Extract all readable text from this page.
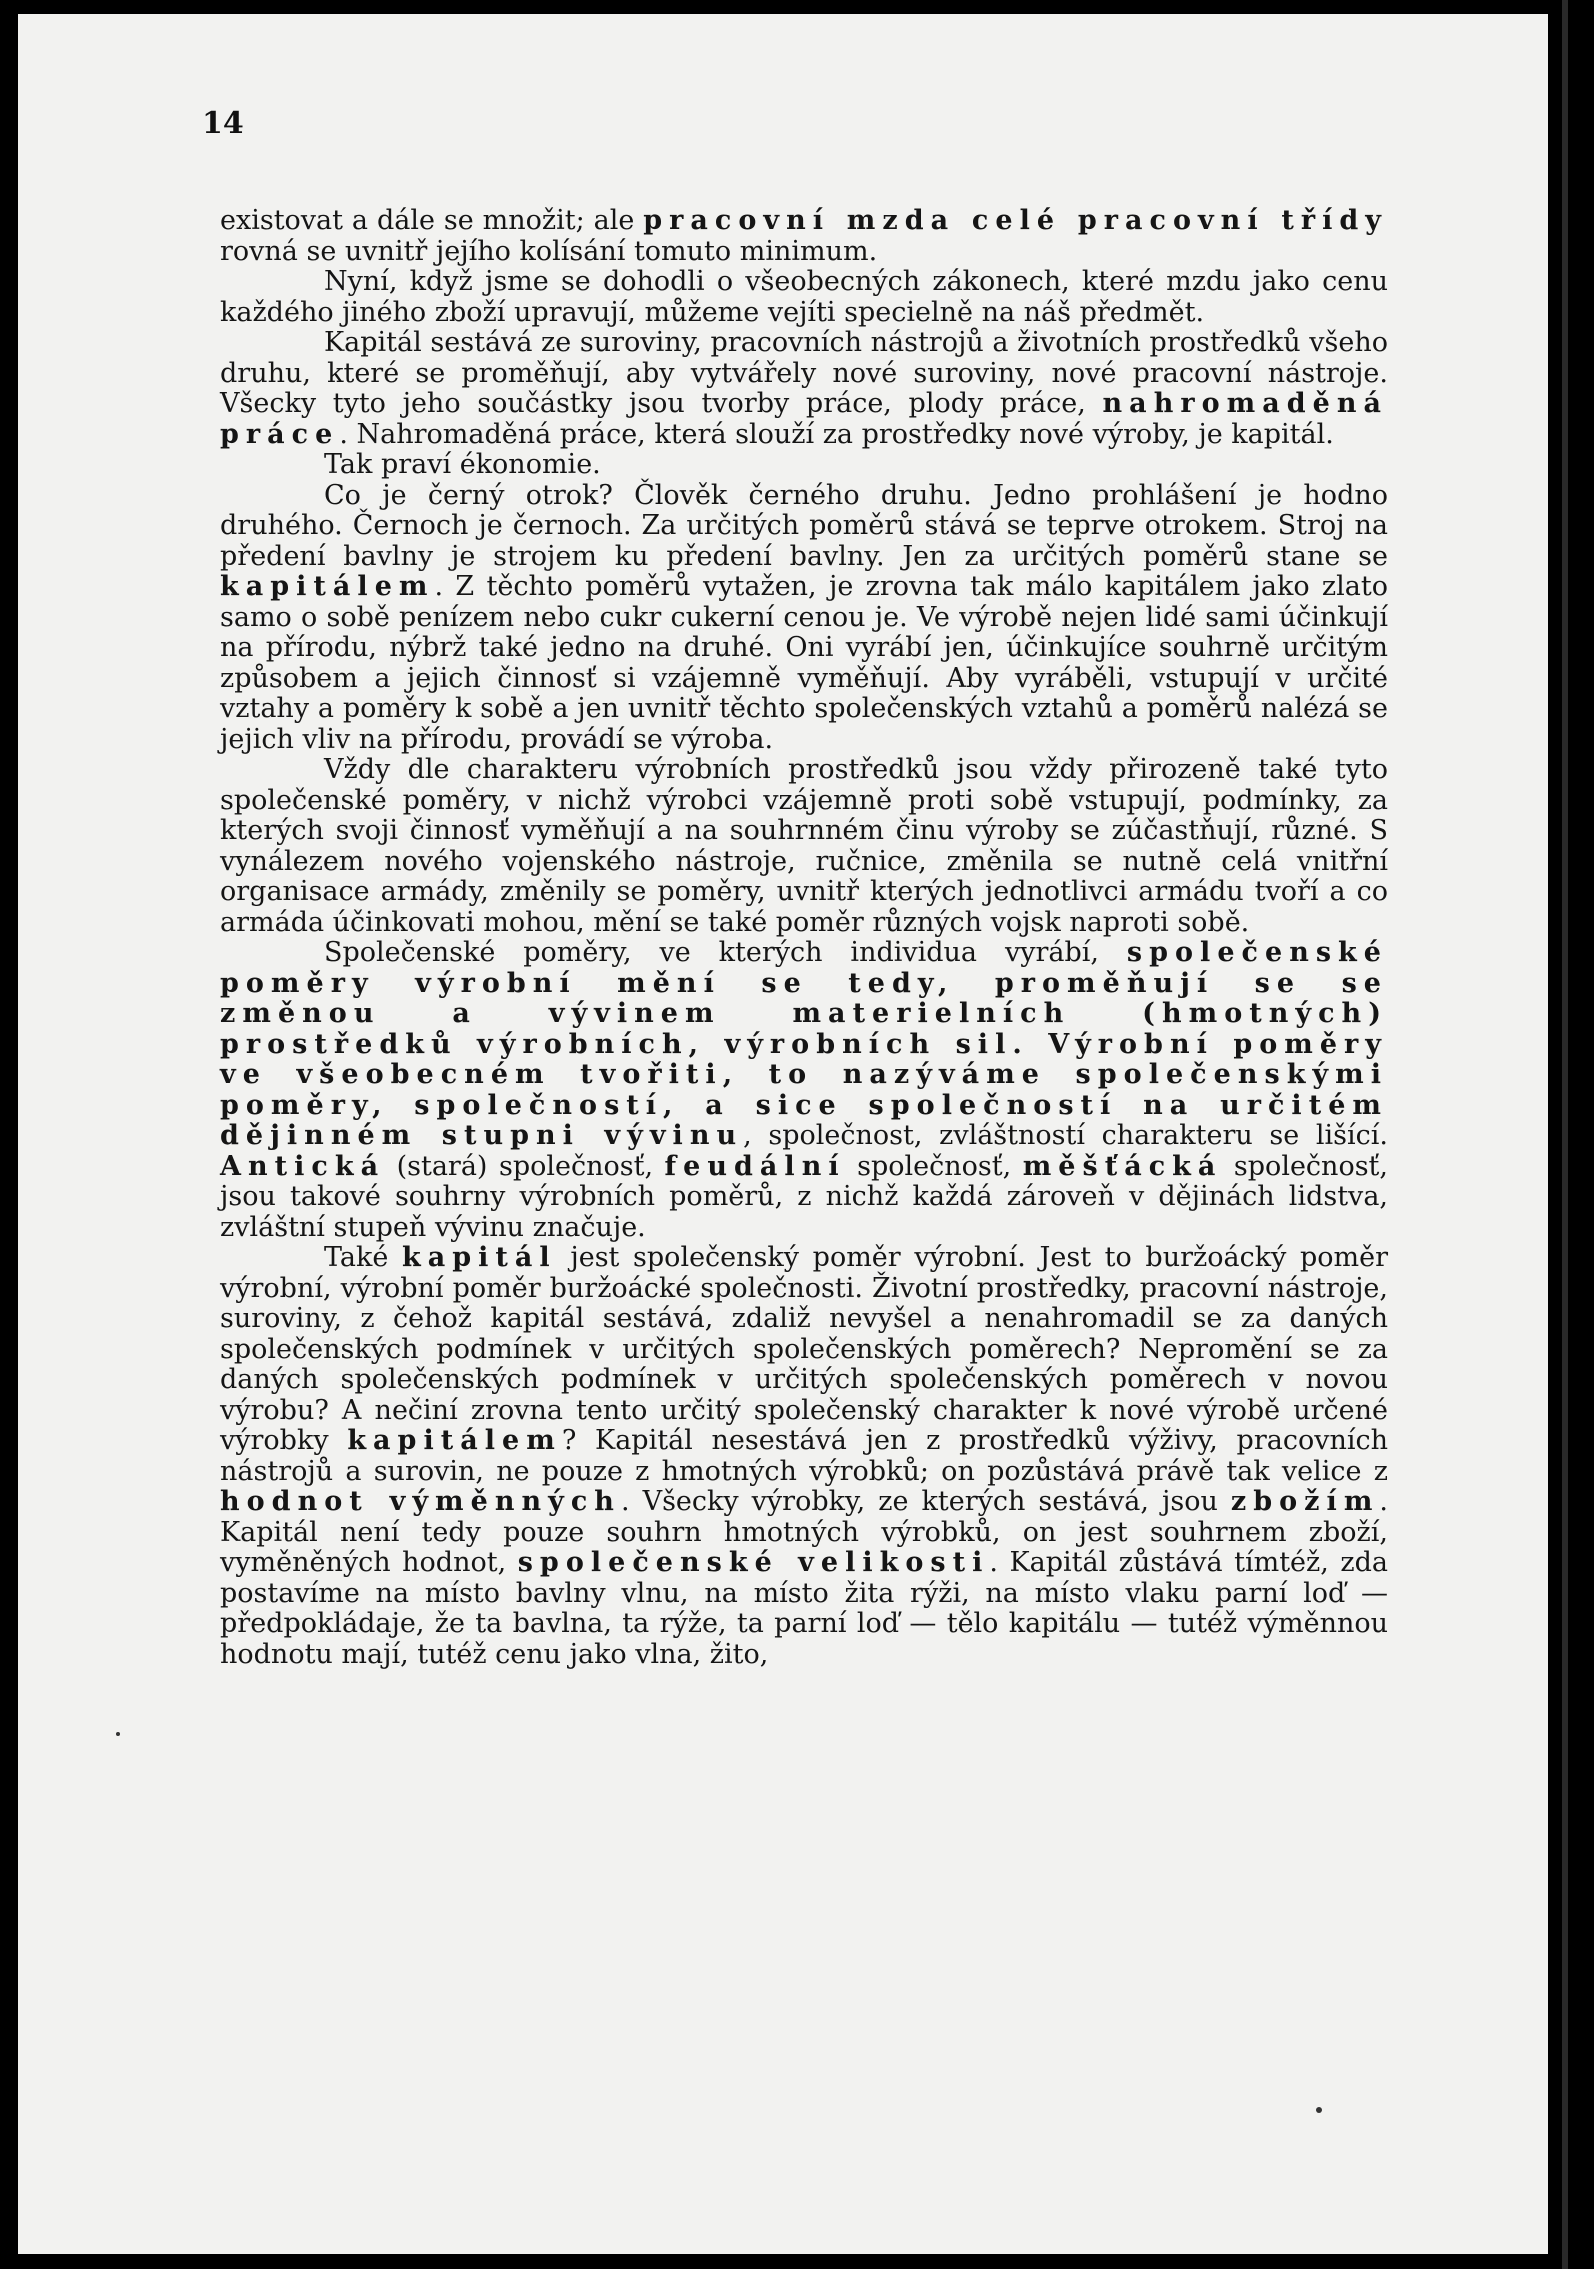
14

existovat a dále se množit; ale pracovní mzda celé pracovní třídy rovná se uvnitř jejího kolísání tomuto minimum.

Nyní, když jsme se dohodli o všeobecných zákonech, které mzdu jako cenu každého jiného zboží upravují, můžeme vejíti specielně na náš předmět.

Kapitál sestává ze suroviny, pracovních nástrojů a životních prostředků všeho druhu, které se proměňují, aby vytvářely nové suroviny, nové pracovní nástroje. Všecky tyto jeho součástky jsou tvorby práce, plody práce, nahromaděná práce. Nahromaděná práce, která slouží za prostředky nové výroby, je kapitál.

Tak praví ékonomie.

Co je černý otrok? Člověk černého druhu. Jedno prohlášení je hodno druhého. Černoch je černoch. Za určitých poměrů stává se teprve otrokem. Stroj na předení bavlny je strojem ku předení bavlny. Jen za určitých poměrů stane se kapitálem. Z těchto poměrů vytažen, je zrovna tak málo kapitálem jako zlato samo o sobě penízem nebo cukr cukerní cenou je. Ve výrobě nejen lidé sami účinkují na přírodu, nýbrž také jedno na druhé. Oni vyrábí jen, účinkujíce souhrně určitým způsobem a jejich činnosť si vzájemně vyměňují. Aby vyráběli, vstupují v určité vztahy a poměry k sobě a jen uvnitř těchto společenských vztahů a poměrů nalézá se jejich vliv na přírodu, provádí se výroba.

Vždy dle charakteru výrobních prostředků jsou vždy přirozeně také tyto společenské poměry, v nichž výrobci vzájemně proti sobě vstupují, podmínky, za kterých svoji činnosť vyměňují a na souhrnném činu výroby se zúčastňují, různé. S vynálezem nového vojenského nástroje, ručnice, změnila se nutně celá vnitřní organisace armády, změnily se poměry, uvnitř kterých jednotlivci armádu tvoří a co armáda účinkovati mohou, mění se také poměr různých vojsk naproti sobě.

Společenské poměry, ve kterých individua vyrábí, společenské poměry výrobní mění se tedy, proměňují se se změnou a vývinem materielních (hmotných) prostředků výrobních, výrobních sil. Výrobní poměry ve všeobecném tvořiti, to nazýváme společenskými poměry, společností, a sice společností na určitém dějinném stupni vývinu, společnost, zvláštností charakteru se lišící. Antická (stará) společnosť, feudální společnosť, měšťácká společnosť, jsou takové souhrny výrobních poměrů, z nichž každá zároveň v dějinách lidstva, zvláštní stupeň vývinu značuje.

Také kapitál jest společenský poměr výrobní. Jest to buržoácký poměr výrobní, výrobní poměr buržoácké společnosti. Životní prostředky, pracovní nástroje, suroviny, z čehož kapitál sestává, zdaliž nevyšel a nenahromadil se za daných společenských podmínek v určitých společenských poměrech? Nepromění se za daných společenských podmínek v určitých společenských poměrech v novou výrobu? A nečiní zrovna tento určitý společenský charakter k nové výrobě určené výrobky kapitálem? Kapitál nesestává jen z prostředků výživy, pracovních nástrojů a surovin, ne pouze z hmotných výrobků; on pozůstává právě tak velice z hodnot výměnných. Všecky výrobky, ze kterých sestává, jsou zbožím. Kapitál není tedy pouze souhrn hmotných výrobků, on jest souhrnem zboží, vyměněných hodnot, společenské velikosti. Kapitál zůstává tímtéž, zda postavíme na místo bavlny vlnu, na místo žita rýži, na místo vlaku parní loď — předpokládaje, že ta bavlna, ta rýže, ta parní loď — tělo kapitálu — tutéž výměnnou hodnotu mají, tutéž cenu jako vlna, žito,
